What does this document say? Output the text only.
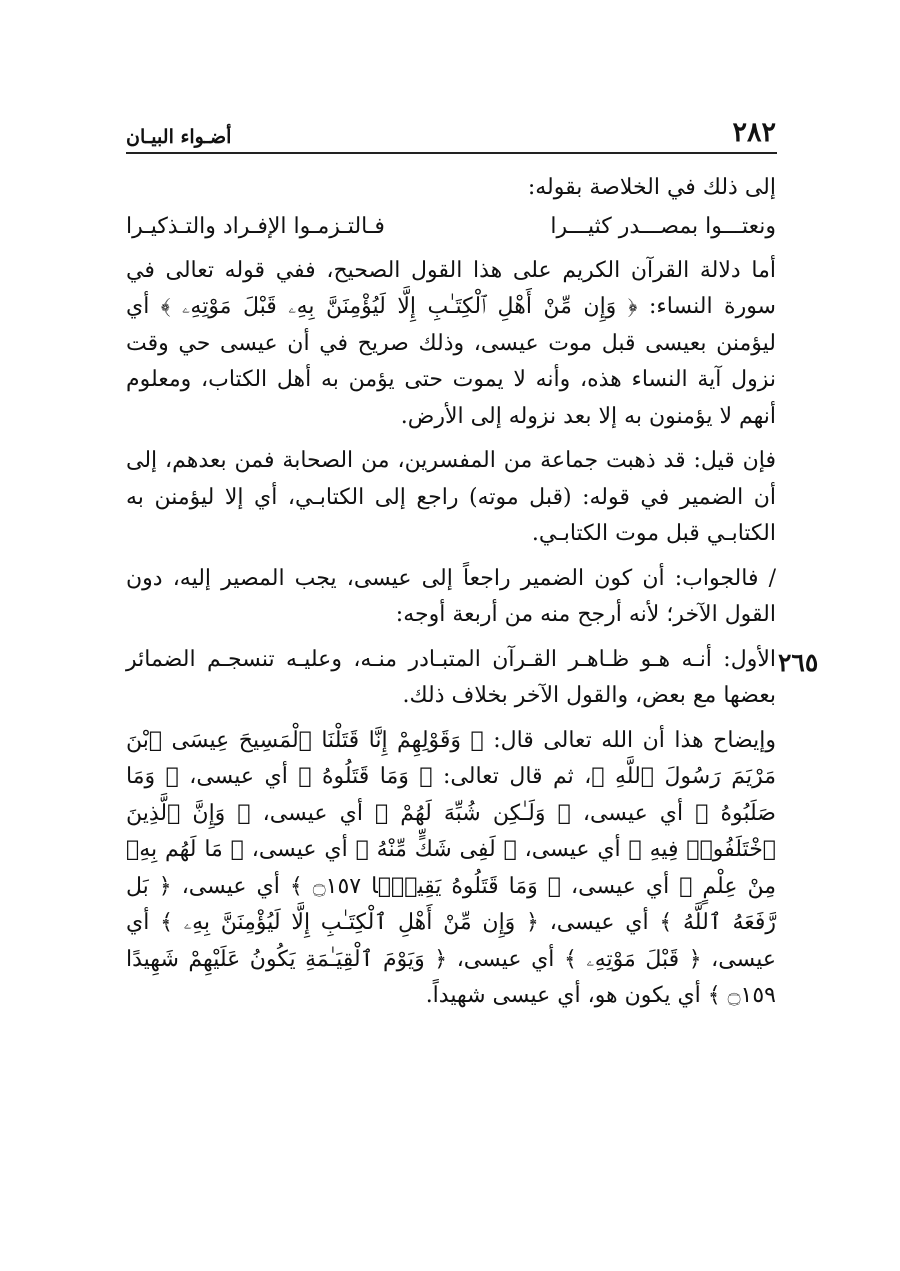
٢٨٢
أضـواء البيـان

إلى ذلك في الخلاصة بقوله:

ونعتـــوا بمصـــدر كثيـــرا
فـالتـزمـوا الإفـراد والتـذكيـرا

أما دلالة القرآن الكريم على هذا القول الصحيح، ففي قوله تعالى في سورة النساء: ﴿ وَإِن مِّنْ أَهْلِ ٱلْكِتَـٰبِ إِلَّا لَيُؤْمِنَنَّ بِهِۦ قَبْلَ مَوْتِهِۦ ﴾ أي ليؤمنن بعيسى قبل موت عيسى، وذلك صريح في أن عيسى حي وقت نزول آية النساء هذه، وأنه لا يموت حتى يؤمن به أهل الكتاب، ومعلوم أنهم لا يؤمنون به إلا بعد نزوله إلى الأرض.

فإن قيل: قد ذهبت جماعة من المفسرين، من الصحابة فمن بعدهم، إلى أن الضمير في قوله: (قبل موته) راجع إلى الكتابـي، أي إلا ليؤمنن به الكتابـي قبل موت الكتابـي.

/ فالجواب: أن كون الضمير راجعاً إلى عيسى، يجب المصير إليه، دون القول الآخر؛ لأنه أرجح منه من أربعة أوجه:

الأول: أنـه هـو ظـاهـر القـرآن المتبـادر منـه، وعليـه تنسجـم الضمائر بعضها مع بعض، والقول الآخر بخلاف ذلك.

وإيضاح هذا أن الله تعالى قال: ﴿ وَقَوْلِهِمْ إِنَّا قَتَلْنَا ٱلْمَسِيحَ عِيسَى ٱبْنَ مَرْيَمَ رَسُولَ ٱللَّهِ ﴾، ثم قال تعالى: ﴿ وَمَا قَتَلُوهُ ﴾ أي عيسى، ﴿ وَمَا صَلَبُوهُ ﴾ أي عيسى، ﴿ وَلَـٰكِن شُبِّهَ لَهُمْ ﴾ أي عيسى، ﴿ وَإِنَّ ٱلَّذِينَ ٱخْتَلَفُوا۟ فِيهِ ﴾ أي عيسى، ﴿ لَفِى شَكٍّ مِّنْهُ ﴾ أي عيسى، ﴿ مَا لَهُم بِهِۦ مِنْ عِلْمٍ ﴾ أي عيسى، ﴿ وَمَا قَتَلُوهُ يَقِينًۢا ۝١٥٧ ﴾ أي عيسى، ﴿ بَل رَّفَعَهُ ٱللَّهُ ﴾ أي عيسى، ﴿ وَإِن مِّنْ أَهْلِ ٱلْكِتَـٰبِ إِلَّا لَيُؤْمِنَنَّ بِهِۦ ﴾ أي عيسى، ﴿ قَبْلَ مَوْتِهِۦ ﴾ أي عيسى، ﴿ وَيَوْمَ ٱلْقِيَـٰمَةِ يَكُونُ عَلَيْهِمْ شَهِيدًا ۝١٥٩ ﴾ أي يكون هو، أي عيسى شهيداً.

٢٦٥
